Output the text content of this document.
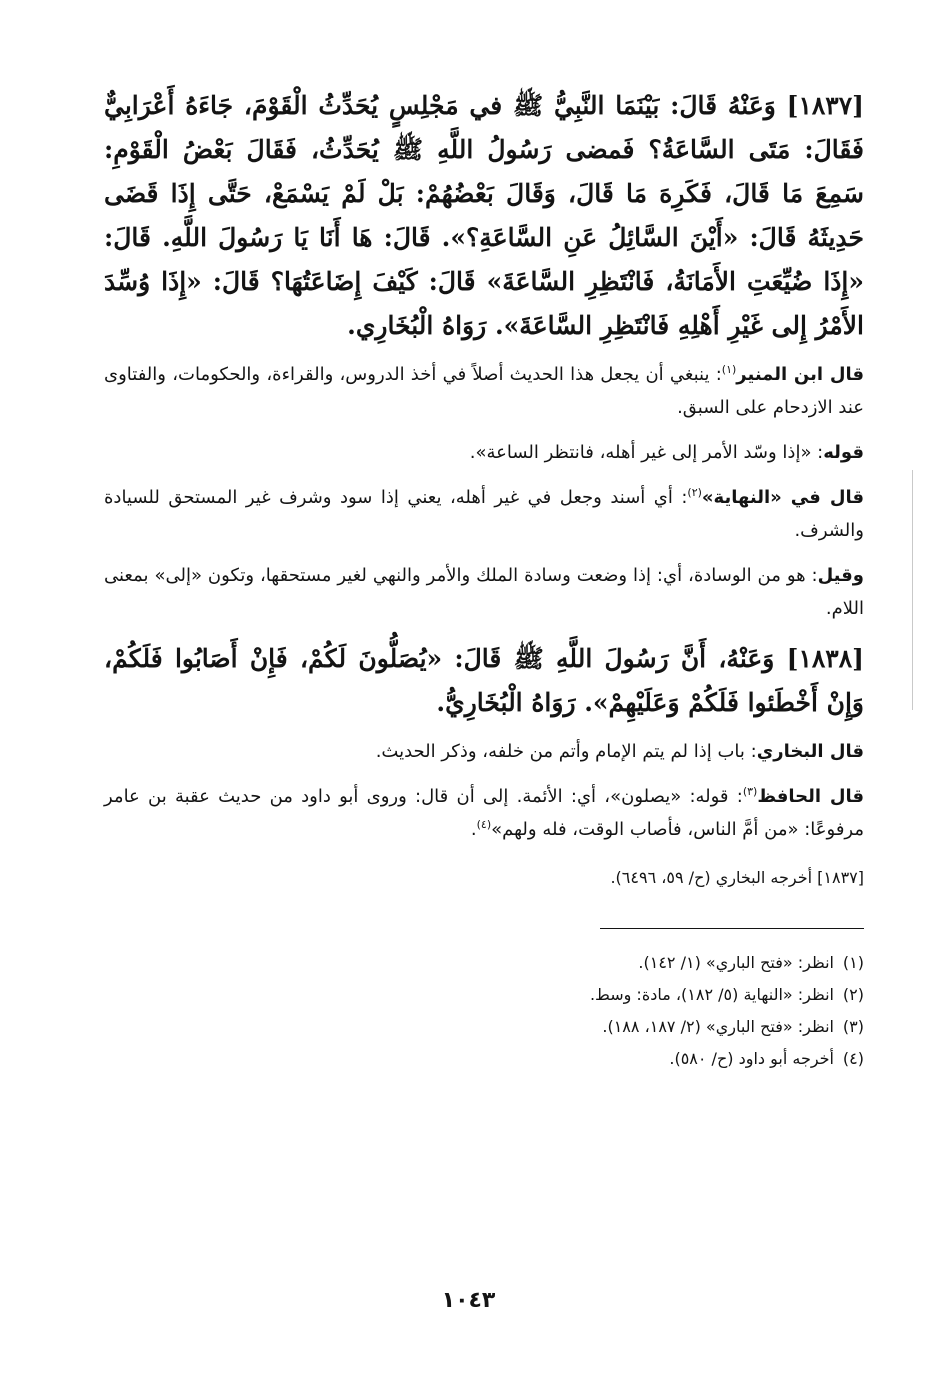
[١٨٣٧] وَعَنْهُ قَالَ: بَيْنَمَا النَّبِيُّ ﷺ في مَجْلِسٍ يُحَدِّثُ الْقَوْمَ، جَاءَهُ أَعْرَابِيٌّ فَقَالَ: مَتَى السَّاعَةُ؟ فَمضى رَسُولُ اللَّهِ ﷺ يُحَدِّثُ، فَقَالَ بَعْضُ الْقَوْمِ: سَمِعَ مَا قَالَ، فَكَرِهَ مَا قَالَ، وَقَالَ بَعْضُهُمْ: بَلْ لَمْ يَسْمَعْ، حَتَّى إِذَا قَضَى حَدِيثَهُ قَالَ: «أَيْنَ السَّائِلُ عَنِ السَّاعَةِ؟». قَالَ: هَا أَنَا يَا رَسُولَ اللَّهِ. قَالَ: «إِذَا ضُيِّعَتِ الأَمَانَةُ، فَانْتَظِرِ السَّاعَةَ» قَالَ: كَيْفَ إِضَاعَتُهَا؟ قَالَ: «إِذَا وُسِّدَ الأَمْرُ إِلى غَيْرِ أَهْلِهِ فَانْتَظِرِ السَّاعَةَ». رَوَاهُ الْبُخَارِي.

قال ابن المنير$^{(١)}$: ينبغي أن يجعل هذا الحديث أصلاً في أخذ الدروس، والقراءة، والحكومات، والفتاوى عند الازدحام على السبق.

قوله: «إذا وسّد الأمر إلى غير أهله، فانتظر الساعة».

قال في «النهاية»$^{(٢)}$: أي أسند وجعل في غير أهله، يعني إذا سود وشرف غير المستحق للسيادة والشرف.

وقيل: هو من الوسادة، أي: إذا وضعت وسادة الملك والأمر والنهي لغير مستحقها، وتكون «إلى» بمعنى اللام.

[١٨٣٨] وَعَنْهُ، أَنَّ رَسُولَ اللَّهِ ﷺ قَالَ: «يُصَلُّونَ لَكُمْ، فَإِنْ أَصَابُوا فَلَكُمْ، وَإِنْ أَخْطَئوا فَلَكُمْ وَعَلَيْهِمْ». رَوَاهُ الْبُخَارِيُّ.

قال البخاري: باب إذا لم يتم الإمام وأتم من خلفه، وذكر الحديث.

قال الحافظ$^{(٣)}$: قوله: «يصلون»، أي: الأئمة. إلى أن قال: وروى أبو داود من حديث عقبة بن عامر مرفوعًا: «من أمَّ الناس، فأصاب الوقت، فله ولهم»$^{(٤)}$.

[١٨٣٧] أخرجه البخاري (ح/ ٥٩، ٦٤٩٦).

(١)انظر: «فتح الباري» (١/ ١٤٢).

(٢)انظر: «النهاية (٥/ ١٨٢)، مادة: وسط.

(٣)انظر: «فتح الباري» (٢/ ١٨٧، ١٨٨).

(٤)أخرجه أبو داود (ح/ ٥٨٠).

١٠٤٣
